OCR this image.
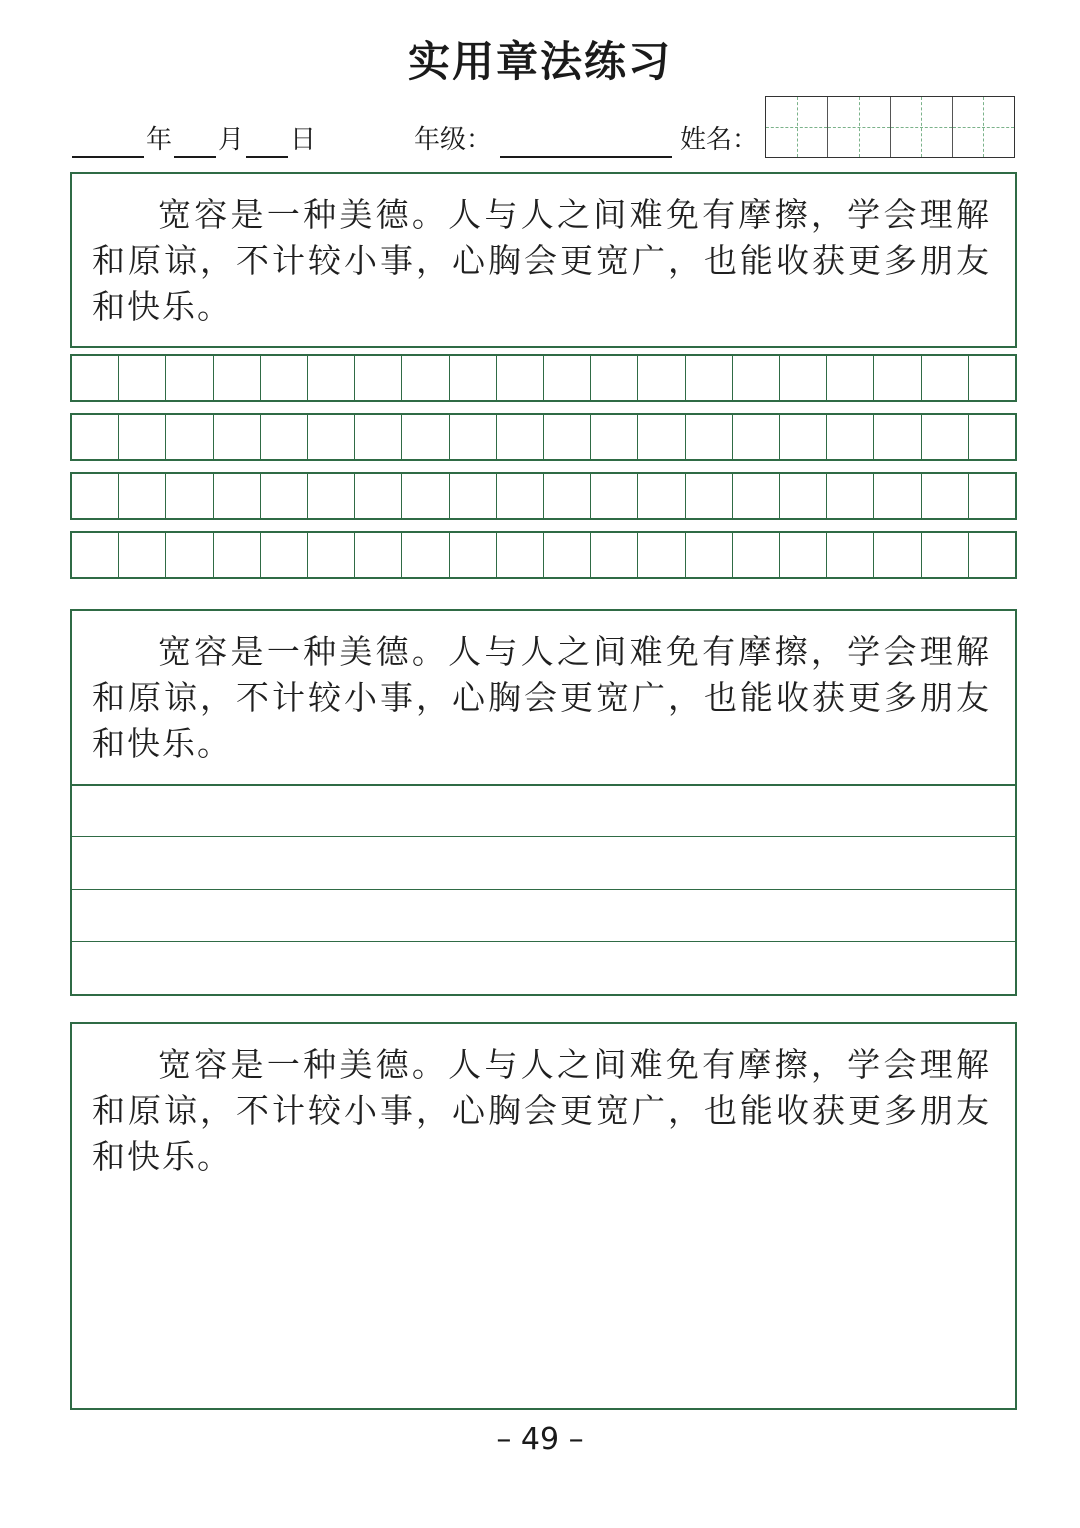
实用章法练习
年 月 日	年级：	姓名：
宽容是一种美德。人与人之间难免有摩擦，学会理解和原谅，不计较小事，心胸会更宽广，也能收获更多朋友和快乐。
宽容是一种美德。人与人之间难免有摩擦，学会理解和原谅，不计较小事，心胸会更宽广，也能收获更多朋友和快乐。
宽容是一种美德。人与人之间难免有摩擦，学会理解和原谅，不计较小事，心胸会更宽广，也能收获更多朋友和快乐。
– 49 –
